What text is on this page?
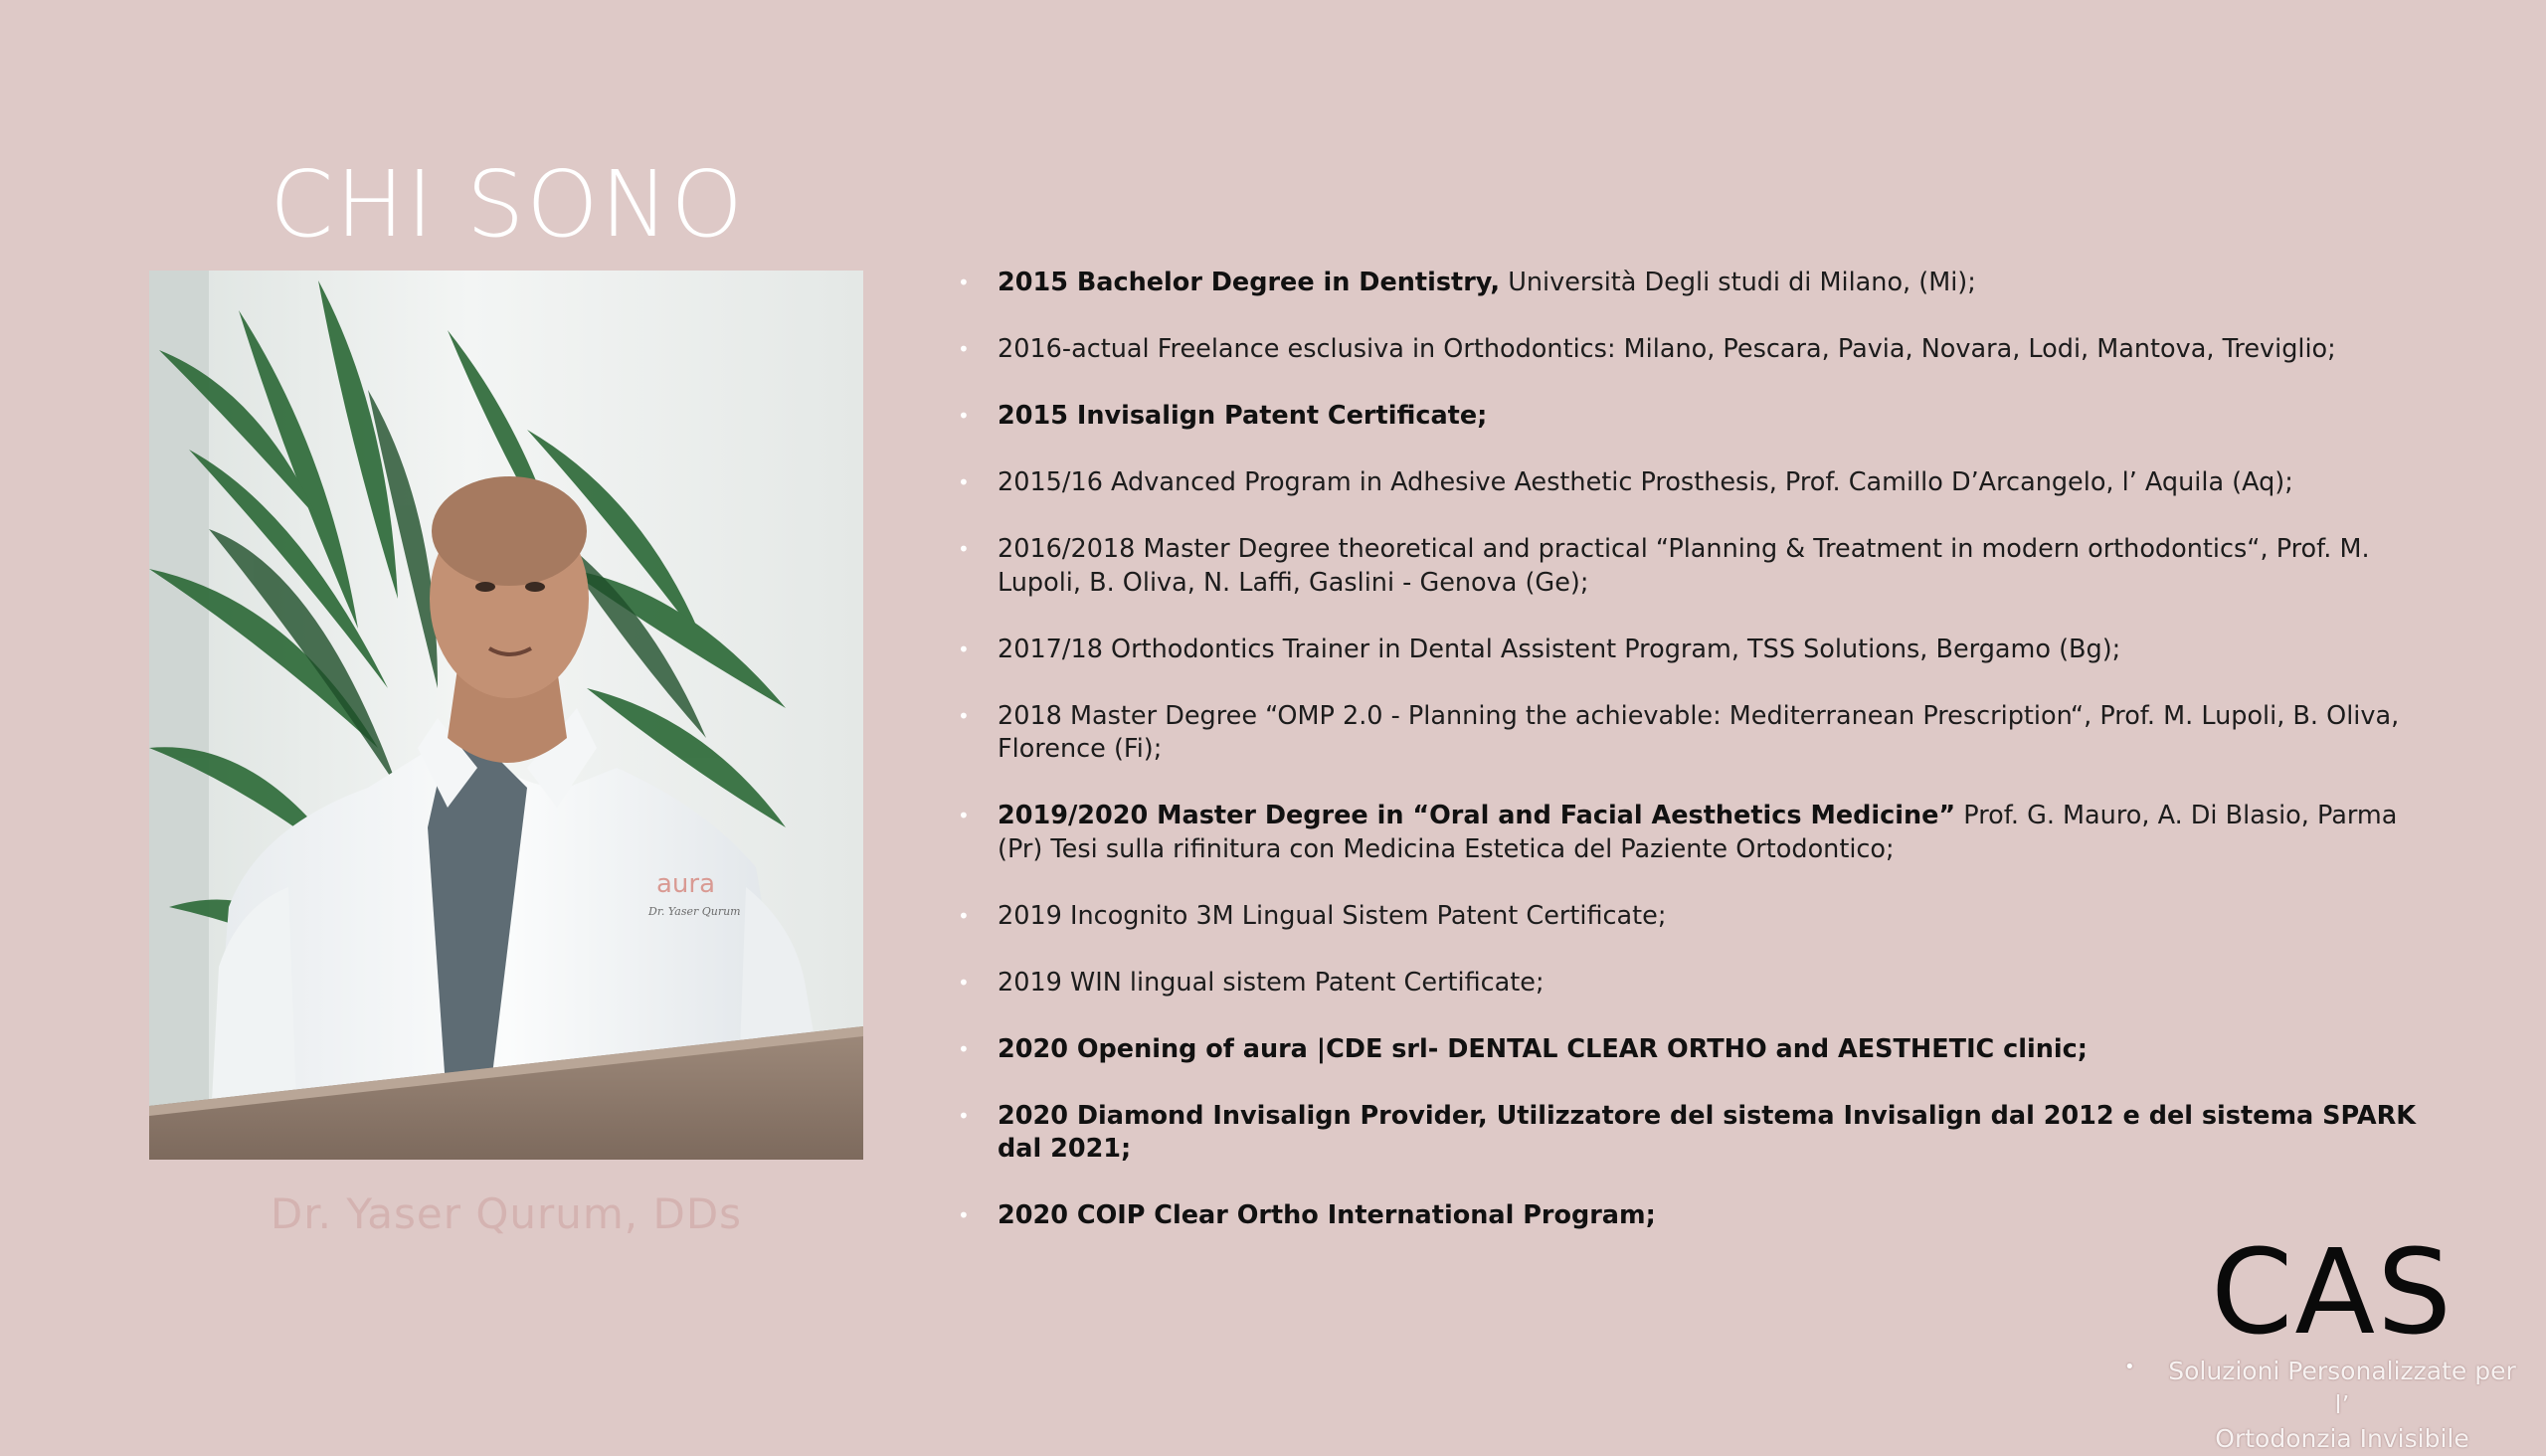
CHI SONO
aura
Dr. Yaser Qurum
Dr. Yaser Qurum, DDs
• 2015 Bachelor Degree in Dentistry, Università Degli studi di Milano, (Mi);
• 2016-actual Freelance esclusiva in Orthodontics: Milano, Pescara, Pavia, Novara, Lodi, Mantova, Treviglio;
• 2015 Invisalign Patent Certificate;
• 2015/16 Advanced Program in Adhesive Aesthetic Prosthesis, Prof. Camillo D’Arcangelo, l’ Aquila (Aq);
• 2016/2018 Master Degree theoretical and practical “Planning & Treatment in modern orthodontics“, Prof. M. Lupoli, B. Oliva, N. Laffi, Gaslini - Genova (Ge);
• 2017/18 Orthodontics Trainer in Dental Assistent Program, TSS Solutions, Bergamo (Bg);
• 2018 Master Degree “OMP 2.0 - Planning the achievable: Mediterranean Prescription“, Prof. M. Lupoli, B. Oliva, Florence (Fi);
• 2019/2020 Master Degree in “Oral and Facial Aesthetics Medicine” Prof. G. Mauro, A. Di Blasio, Parma (Pr) Tesi sulla rifinitura con Medicina Estetica del Paziente Ortodontico;
• 2019 Incognito 3M Lingual Sistem Patent Certificate;
• 2019 WIN lingual sistem Patent Certificate;
• 2020 Opening of aura |CDE srl- DENTAL CLEAR ORTHO and AESTHETIC clinic;
• 2020 Diamond Invisalign Provider, Utilizzatore del sistema Invisalign dal 2012 e del sistema SPARK dal 2021;
• 2020 COIP Clear Ortho International Program;
CAS
•	Soluzioni Personalizzate per l’
Ortodonzia Invisibile
